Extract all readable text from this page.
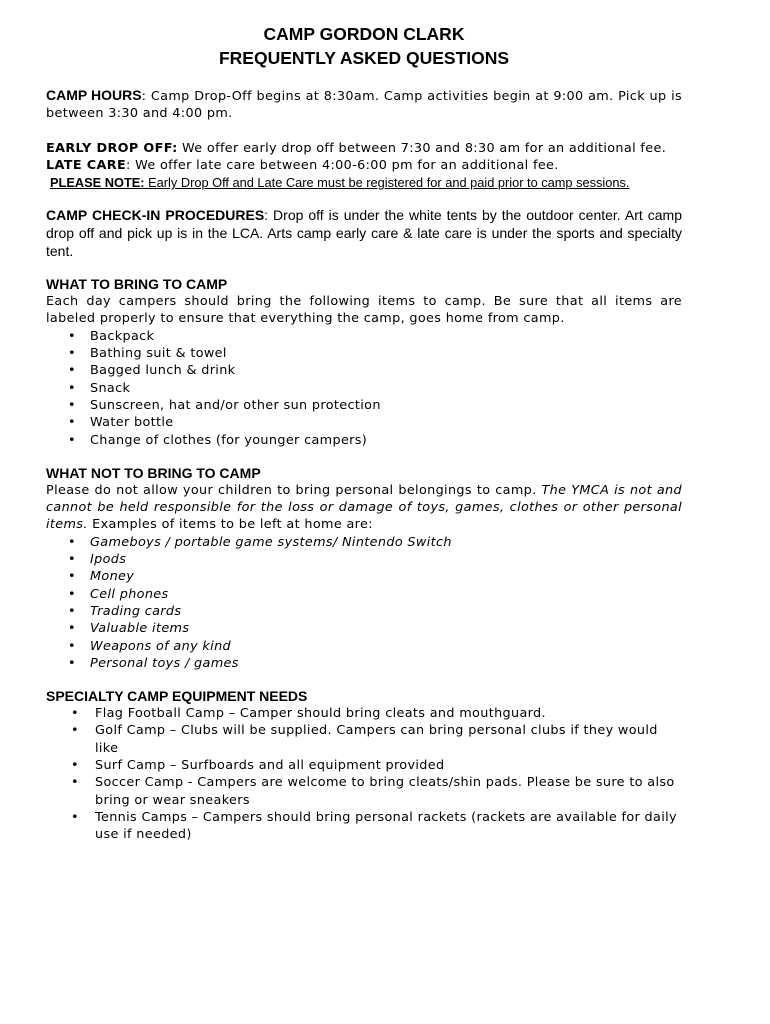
CAMP GORDON CLARK

FREQUENTLY ASKED QUESTIONS

CAMP HOURS: Camp Drop-Off begins at 8:30am. Camp activities begin at 9:00 am. Pick up is between 3:30 and 4:00 pm.

EARLY DROP OFF: We offer early drop off between 7:30 and 8:30 am for an additional fee.

LATE CARE: We offer late care between 4:00-6:00 pm for an additional fee.

PLEASE NOTE: Early Drop Off and Late Care must be registered for and paid prior to camp sessions.

CAMP CHECK-IN PROCEDURES: Drop off is under the white tents by the outdoor center. Art camp drop off and pick up is in the LCA. Arts camp early care & late care is under the sports and specialty tent.

WHAT TO BRING TO CAMP

Each day campers should bring the following items to camp. Be sure that all items are labeled properly to ensure that everything the camp, goes home from camp.

• Backpack
• Bathing suit & towel
• Bagged lunch & drink
• Snack
• Sunscreen, hat and/or other sun protection
• Water bottle
• Change of clothes (for younger campers)

WHAT NOT TO BRING TO CAMP

Please do not allow your children to bring personal belongings to camp. The YMCA is not and cannot be held responsible for the loss or damage of toys, games, clothes or other personal items. Examples of items to be left at home are:

• Gameboys / portable game systems/ Nintendo Switch
• Ipods
• Money
• Cell phones
• Trading cards
• Valuable items
• Weapons of any kind
• Personal toys / games

SPECIALTY CAMP EQUIPMENT NEEDS

• Flag Football Camp – Camper should bring cleats and mouthguard.
• Golf Camp – Clubs will be supplied. Campers can bring personal clubs if they would like
• Surf Camp – Surfboards and all equipment provided
• Soccer Camp - Campers are welcome to bring cleats/shin pads. Please be sure to also bring or wear sneakers
• Tennis Camps – Campers should bring personal rackets (rackets are available for daily use if needed)
